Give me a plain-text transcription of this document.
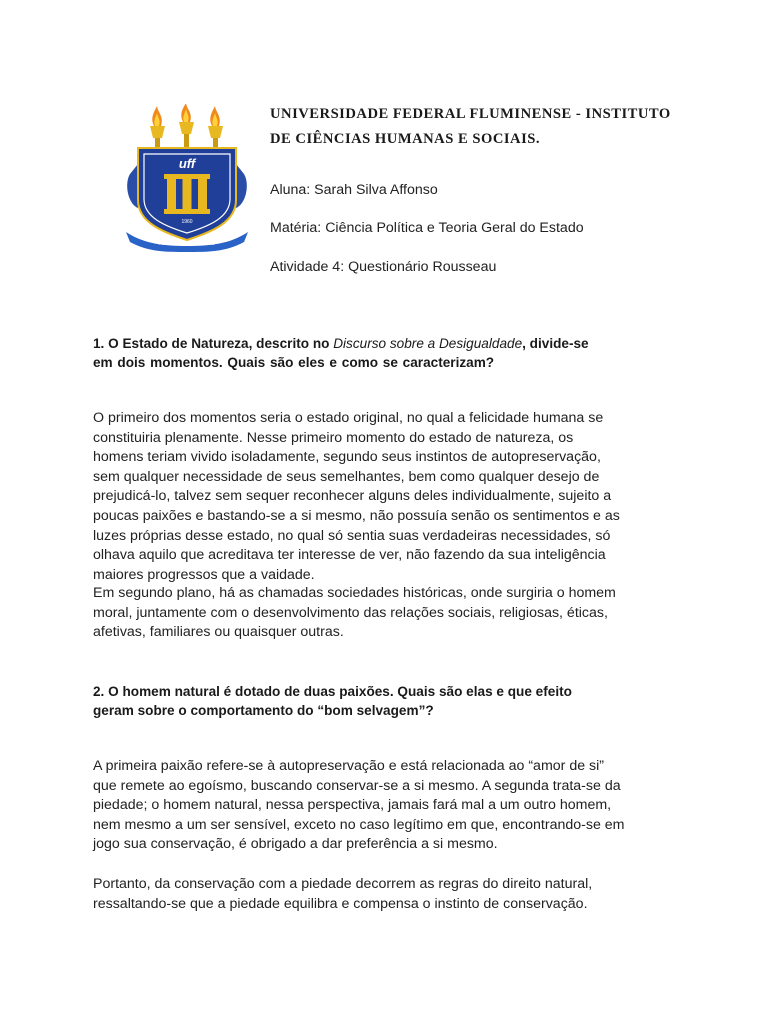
uff
1960
FIDELITATE SCIENTIA VERITATE
UNIVERSIDADE FEDERAL FLUMINENSE - INSTITUTO
DE CIÊNCIAS HUMANAS E SOCIAIS.
Aluna: Sarah Silva Affonso
Matéria: Ciência Política e Teoria Geral do Estado
Atividade 4: Questionário Rousseau
1. O Estado de Natureza, descrito no Discurso sobre a Desigualdade, divide-se
em dois momentos. Quais são eles e como se caracterizam?
O primeiro dos momentos seria o estado original, no qual a felicidade humana se
constituiria plenamente. Nesse primeiro momento do estado de natureza, os
homens teriam vivido isoladamente, segundo seus instintos de autopreservação,
sem qualquer necessidade de seus semelhantes, bem como qualquer desejo de
prejudicá-lo, talvez sem sequer reconhecer alguns deles individualmente, sujeito a
poucas paixões e bastando-se a si mesmo, não possuía senão os sentimentos e as
luzes próprias desse estado, no qual só sentia suas verdadeiras necessidades, só
olhava aquilo que acreditava ter interesse de ver, não fazendo da sua inteligência
maiores progressos que a vaidade.
Em segundo plano, há as chamadas sociedades históricas, onde surgiria o homem
moral, juntamente com o desenvolvimento das relações sociais, religiosas, éticas,
afetivas, familiares ou quaisquer outras.
2. O homem natural é dotado de duas paixões. Quais são elas e que efeito
geram sobre o comportamento do “bom selvagem”?
A primeira paixão refere-se à autopreservação e está relacionada ao “amor de si”
que remete ao egoísmo, buscando conservar-se a si mesmo. A segunda trata-se da
piedade; o homem natural, nessa perspectiva, jamais fará mal a um outro homem,
nem mesmo a um ser sensível, exceto no caso legítimo em que, encontrando-se em
jogo sua conservação, é obrigado a dar preferência a si mesmo.
Portanto, da conservação com a piedade decorrem as regras do direito natural,
ressaltando-se que a piedade equilibra e compensa o instinto de conservação.
